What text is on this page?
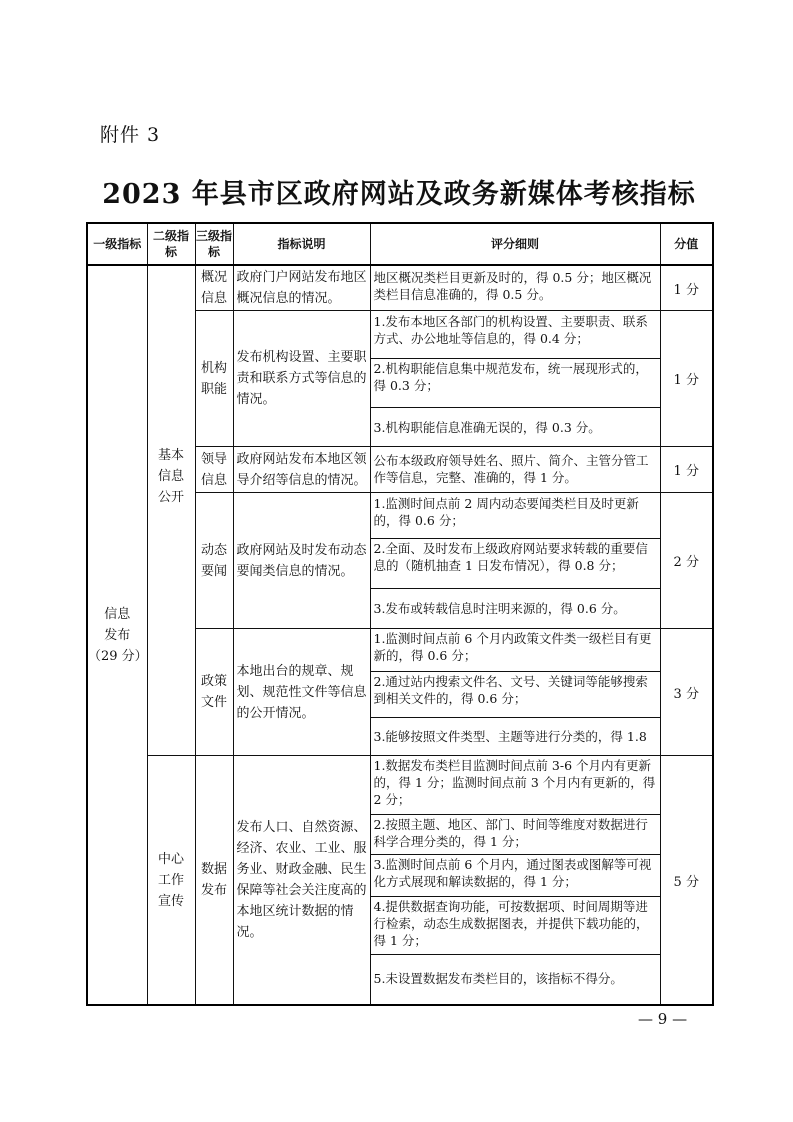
附件 3
2023 年县市区政府网站及政务新媒体考核指标
一级指标	二级指标	三级指标	指标说明	评分细则	分值

信息发布
（29 分）	基本信息公开	概况信息	政府门户网站发布地区概况信息的情况。	地区概况类栏目更新及时的，得 0.5 分；地区概况类栏目信息准确的，得 0.5 分。	1 分

		机构职能	发布机构设置、主要职责和联系方式等信息的情况。	1.发布本地区各部门的机构设置、主要职责、联系方式、办公地址等信息的，得 0.4 分；
2.机构职能信息集中规范发布，统一展现形式的，得 0.3 分；
3.机构职能信息准确无误的，得 0.3 分。	1 分

		领导信息	政府网站发布本地区领导介绍等信息的情况。	公布本级政府领导姓名、照片、简介、主管分管工作等信息，完整、准确的，得 1 分。	1 分

		动态要闻	政府网站及时发布动态要闻类信息的情况。	1.监测时间点前 2 周内动态要闻类栏目及时更新的，得 0.6 分；
2.全面、及时发布上级政府网站要求转载的重要信息的（随机抽查 1 日发布情况），得 0.8 分；
3.发布或转载信息时注明来源的，得 0.6 分。	2 分

		政策文件	本地出台的规章、规划、规范性文件等信息的公开情况。	1.监测时间点前 6 个月内政策文件类一级栏目有更新的，得 0.6 分；
2.通过站内搜索文件名、文号、关键词等能够搜索到相关文件的，得 0.6 分；
3.能够按照文件类型、主题等进行分类的，得 1.8	3 分

	中心工作宣传	数据发布	发布人口、自然资源、经济、农业、工业、服务业、财政金融、民生保障等社会关注度高的本地区统计数据的情况。	1.数据发布类栏目监测时间点前 3-6 个月内有更新的，得 1 分；监测时间点前 3 个月内有更新的，得 2 分；
2.按照主题、地区、部门、时间等维度对数据进行科学合理分类的，得 1 分；
3.监测时间点前 6 个月内，通过图表或图解等可视化方式展现和解读数据的，得 1 分；
4.提供数据查询功能，可按数据项、时间周期等进行检索，动态生成数据图表，并提供下载功能的，得 1 分；
5.未设置数据发布类栏目的，该指标不得分。	5 分
— 9 —
